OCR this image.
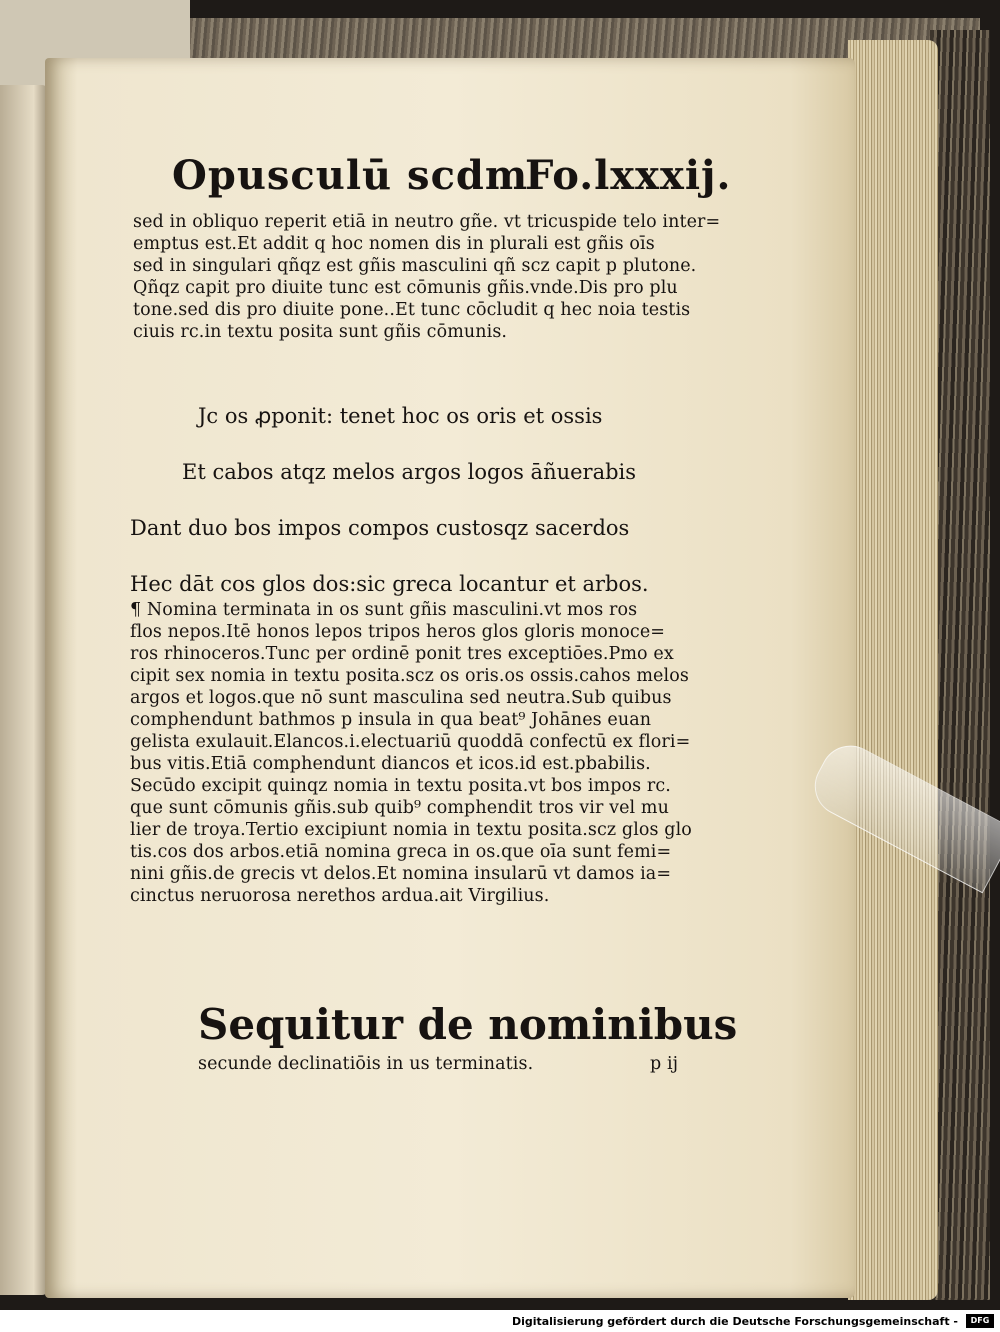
Opusculū scdm
Fo.lxxxij.
sed in obliquo reperit etiā in neutro gñe. vt tricuspide telo inter=
emptus est.Et addit q hoc nomen dis in plurali est gñis oīs
sed in singulari qñqz est gñis masculini qñ scz capit p plutone.
Qñqz capit pro diuite tunc est cōmunis gñis.vnde.Dis pro plu
tone.sed dis pro diuite pone..Et tunc cōcludit q hec noia testis
ciuis rc.in textu posita sunt gñis cōmunis.
Jc os ꝓponit: tenet hoc os oris et ossis
Et cabos atqz melos argos logos āñuerabis
Dant duo bos impos compos custosqz sacerdos
Hec dāt cos glos dos:sic greca locantur et arbos.
¶ Nomina terminata in os sunt gñis masculini.vt mos ros
flos nepos.Itē honos lepos tripos heros glos gloris monoce=
ros rhinoceros.Tunc per ordinē ponit tres exceptiōes.Pmo ex
cipit sex nomia in textu posita.scz os oris.os ossis.cahos melos
argos et logos.que nō sunt masculina sed neutra.Sub quibus
comphendunt bathmos p insula in qua beat⁹ Johānes euan
gelista exulauit.Elancos.i.electuariū quoddā confectū ex flori=
bus vitis.Etiā comphendunt diancos et icos.id est.pbabilis.
Secūdo excipit quinqz nomia in textu posita.vt bos impos rc.
que sunt cōmunis gñis.sub quib⁹ comphendit tros vir vel mu
lier de troya.Tertio excipiunt nomia in textu posita.scz glos glo
tis.cos dos arbos.etiā nomina greca in os.que oīa sunt femi=
nini gñis.de grecis vt delos.Et nomina insularū vt damos ia=
cinctus neruorosa nerethos ardua.ait Virgilius.
Sequitur de nominibus
secunde declinatiōis in us terminatis.	p ij
Digitalisierung gefördert durch die Deutsche Forschungsgemeinschaft -	DFG
